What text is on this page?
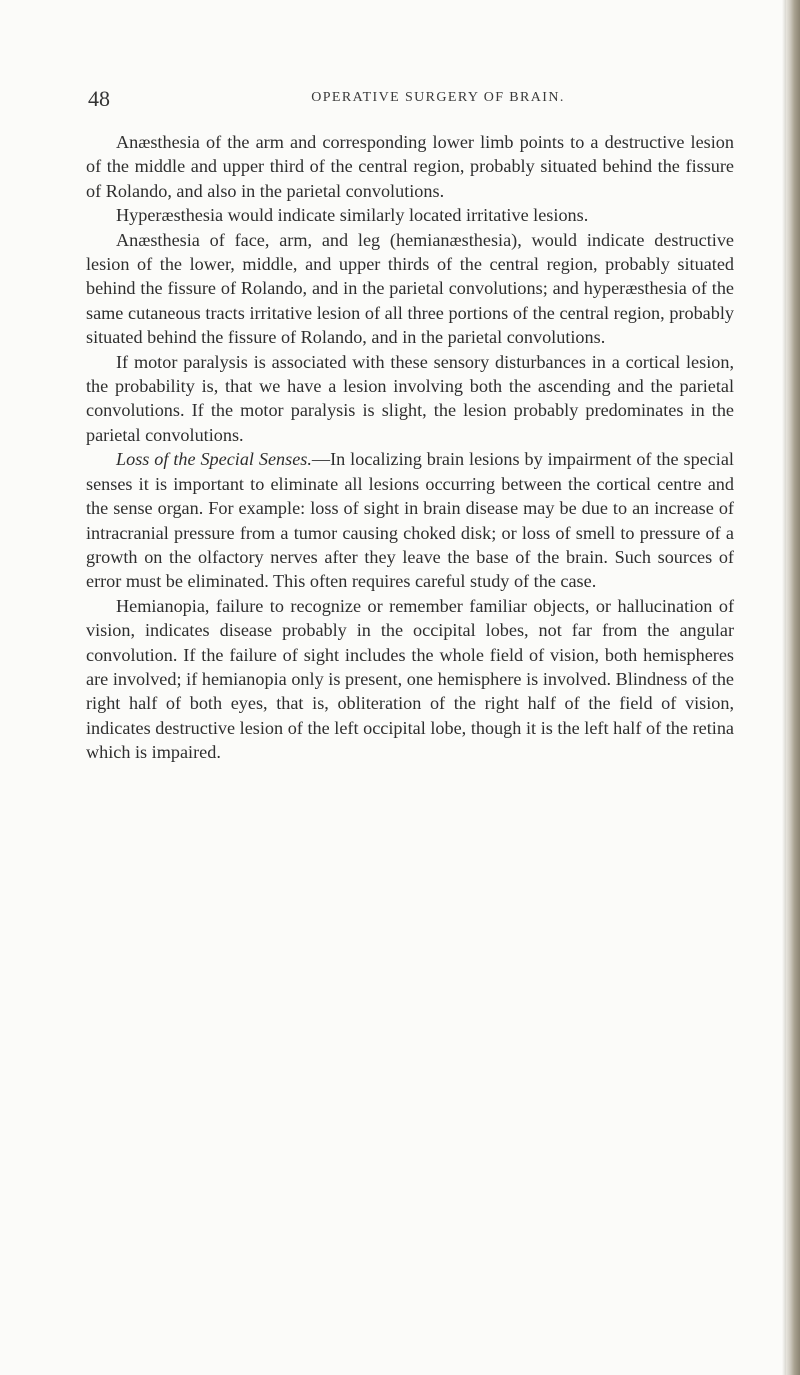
48	OPERATIVE SURGERY OF BRAIN.

Anæsthesia of the arm and corresponding lower limb points to a destructive lesion of the middle and upper third of the central region, probably situated behind the fissure of Rolando, and also in the parietal convolutions.

Hyperæsthesia would indicate similarly located irritative lesions.

Anæsthesia of face, arm, and leg (hemianæsthesia), would indicate destructive lesion of the lower, middle, and upper thirds of the central region, probably situated behind the fissure of Rolando, and in the parietal convolutions; and hyperæsthesia of the same cutaneous tracts irritative lesion of all three portions of the central region, probably situated behind the fissure of Rolando, and in the parietal convolutions.

If motor paralysis is associated with these sensory disturbances in a cortical lesion, the probability is, that we have a lesion involving both the ascending and the parietal convolutions. If the motor paralysis is slight, the lesion probably predominates in the parietal convolutions.

Loss of the Special Senses.—In localizing brain lesions by impairment of the special senses it is important to eliminate all lesions occurring between the cortical centre and the sense organ. For example: loss of sight in brain disease may be due to an increase of intracranial pressure from a tumor causing choked disk; or loss of smell to pressure of a growth on the olfactory nerves after they leave the base of the brain. Such sources of error must be eliminated. This often requires careful study of the case.

Hemianopia, failure to recognize or remember familiar objects, or hallucination of vision, indicates disease probably in the occipital lobes, not far from the angular convolution. If the failure of sight includes the whole field of vision, both hemispheres are involved; if hemianopia only is present, one hemisphere is involved. Blindness of the right half of both eyes, that is, obliteration of the right half of the field of vision, indicates destructive lesion of the left occipital lobe, though it is the left half of the retina which is impaired.
